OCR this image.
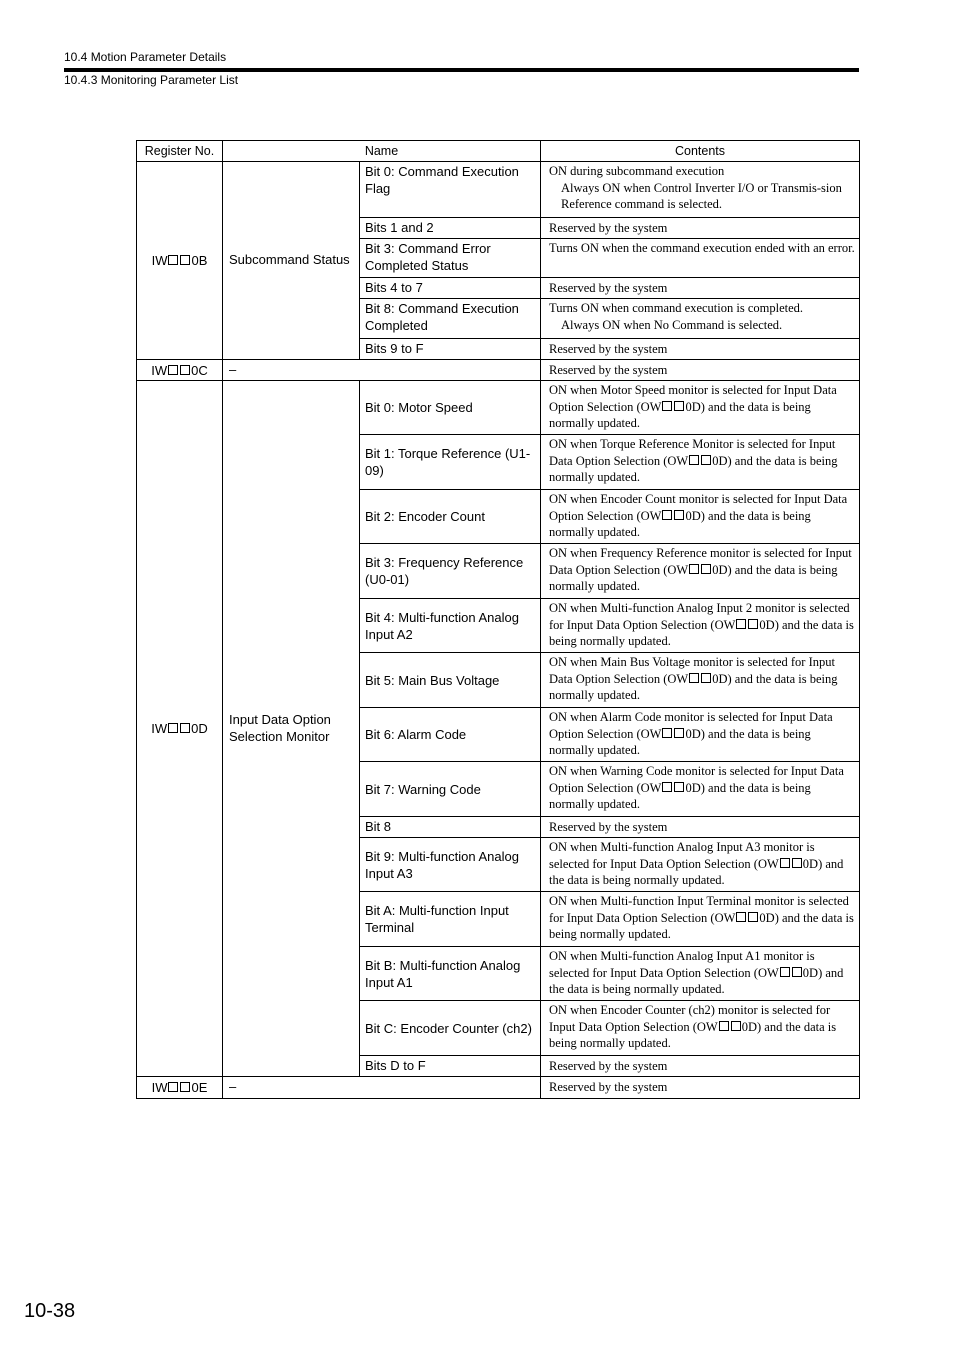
10.4 Motion Parameter Details
10.4.3 Monitoring Parameter List
Register No.	Name		Contents
IW 0B	Subcommand Status	Bit 0: Command Execution Flag	ON during subcommand execution
Always ON when Control Inverter I/O or Transmis-sion Reference command is selected.

		Bits 1 and 2	Reserved by the system
		Bit 3: Command Error Completed Status	Turns ON when the command execution ended with an error.
		Bits 4 to 7	Reserved by the system
		Bit 8: Command Execution Completed	Turns ON when command execution is completed.
Always ON when No Command is selected.

		Bits 9 to F	Reserved by the system
IW 0C	–		Reserved by the system
IW 0D	Input Data Option Selection Monitor	Bit 0: Motor Speed	ON when Motor Speed monitor is selected for Input Data Option Selection (OW 0D) and the data is being normally updated.
		Bit 1: Torque Reference (U1-09)	ON when Torque Reference Monitor is selected for Input Data Option Selection (OW 0D) and the data is being normally updated.
		Bit 2: Encoder Count	ON when Encoder Count monitor is selected for Input Data Option Selection (OW 0D) and the data is being normally updated.
		Bit 3: Frequency Reference (U0-01)	ON when Frequency Reference monitor is selected for Input Data Option Selection (OW 0D) and the data is being normally updated.
		Bit 4: Multi-function Analog Input A2	ON when Multi-function Analog Input 2 monitor is selected for Input Data Option Selection (OW 0D) and the data is being normally updated.
		Bit 5: Main Bus Voltage	ON when Main Bus Voltage monitor is selected for Input Data Option Selection (OW 0D) and the data is being normally updated.
		Bit 6: Alarm Code	ON when Alarm Code monitor is selected for Input Data Option Selection (OW 0D) and the data is being normally updated.
		Bit 7: Warning Code	ON when Warning Code monitor is selected for Input Data Option Selection (OW 0D) and the data is being normally updated.
		Bit 8	Reserved by the system
		Bit 9: Multi-function Analog Input A3	ON when Multi-function Analog Input A3 monitor is selected for Input Data Option Selection (OW 0D) and the data is being normally updated.
		Bit A: Multi-function Input Terminal	ON when Multi-function Input Terminal monitor is selected for Input Data Option Selection (OW 0D) and the data is being normally updated.
		Bit B: Multi-function Analog Input A1	ON when Multi-function Analog Input A1 monitor is selected for Input Data Option Selection (OW 0D) and the data is being normally updated.
		Bit C: Encoder Counter (ch2)	ON when Encoder Counter (ch2) monitor is selected for Input Data Option Selection (OW 0D) and the data is being normally updated.
		Bits D to F	Reserved by the system
IW 0E	–		Reserved by the system
10-38
